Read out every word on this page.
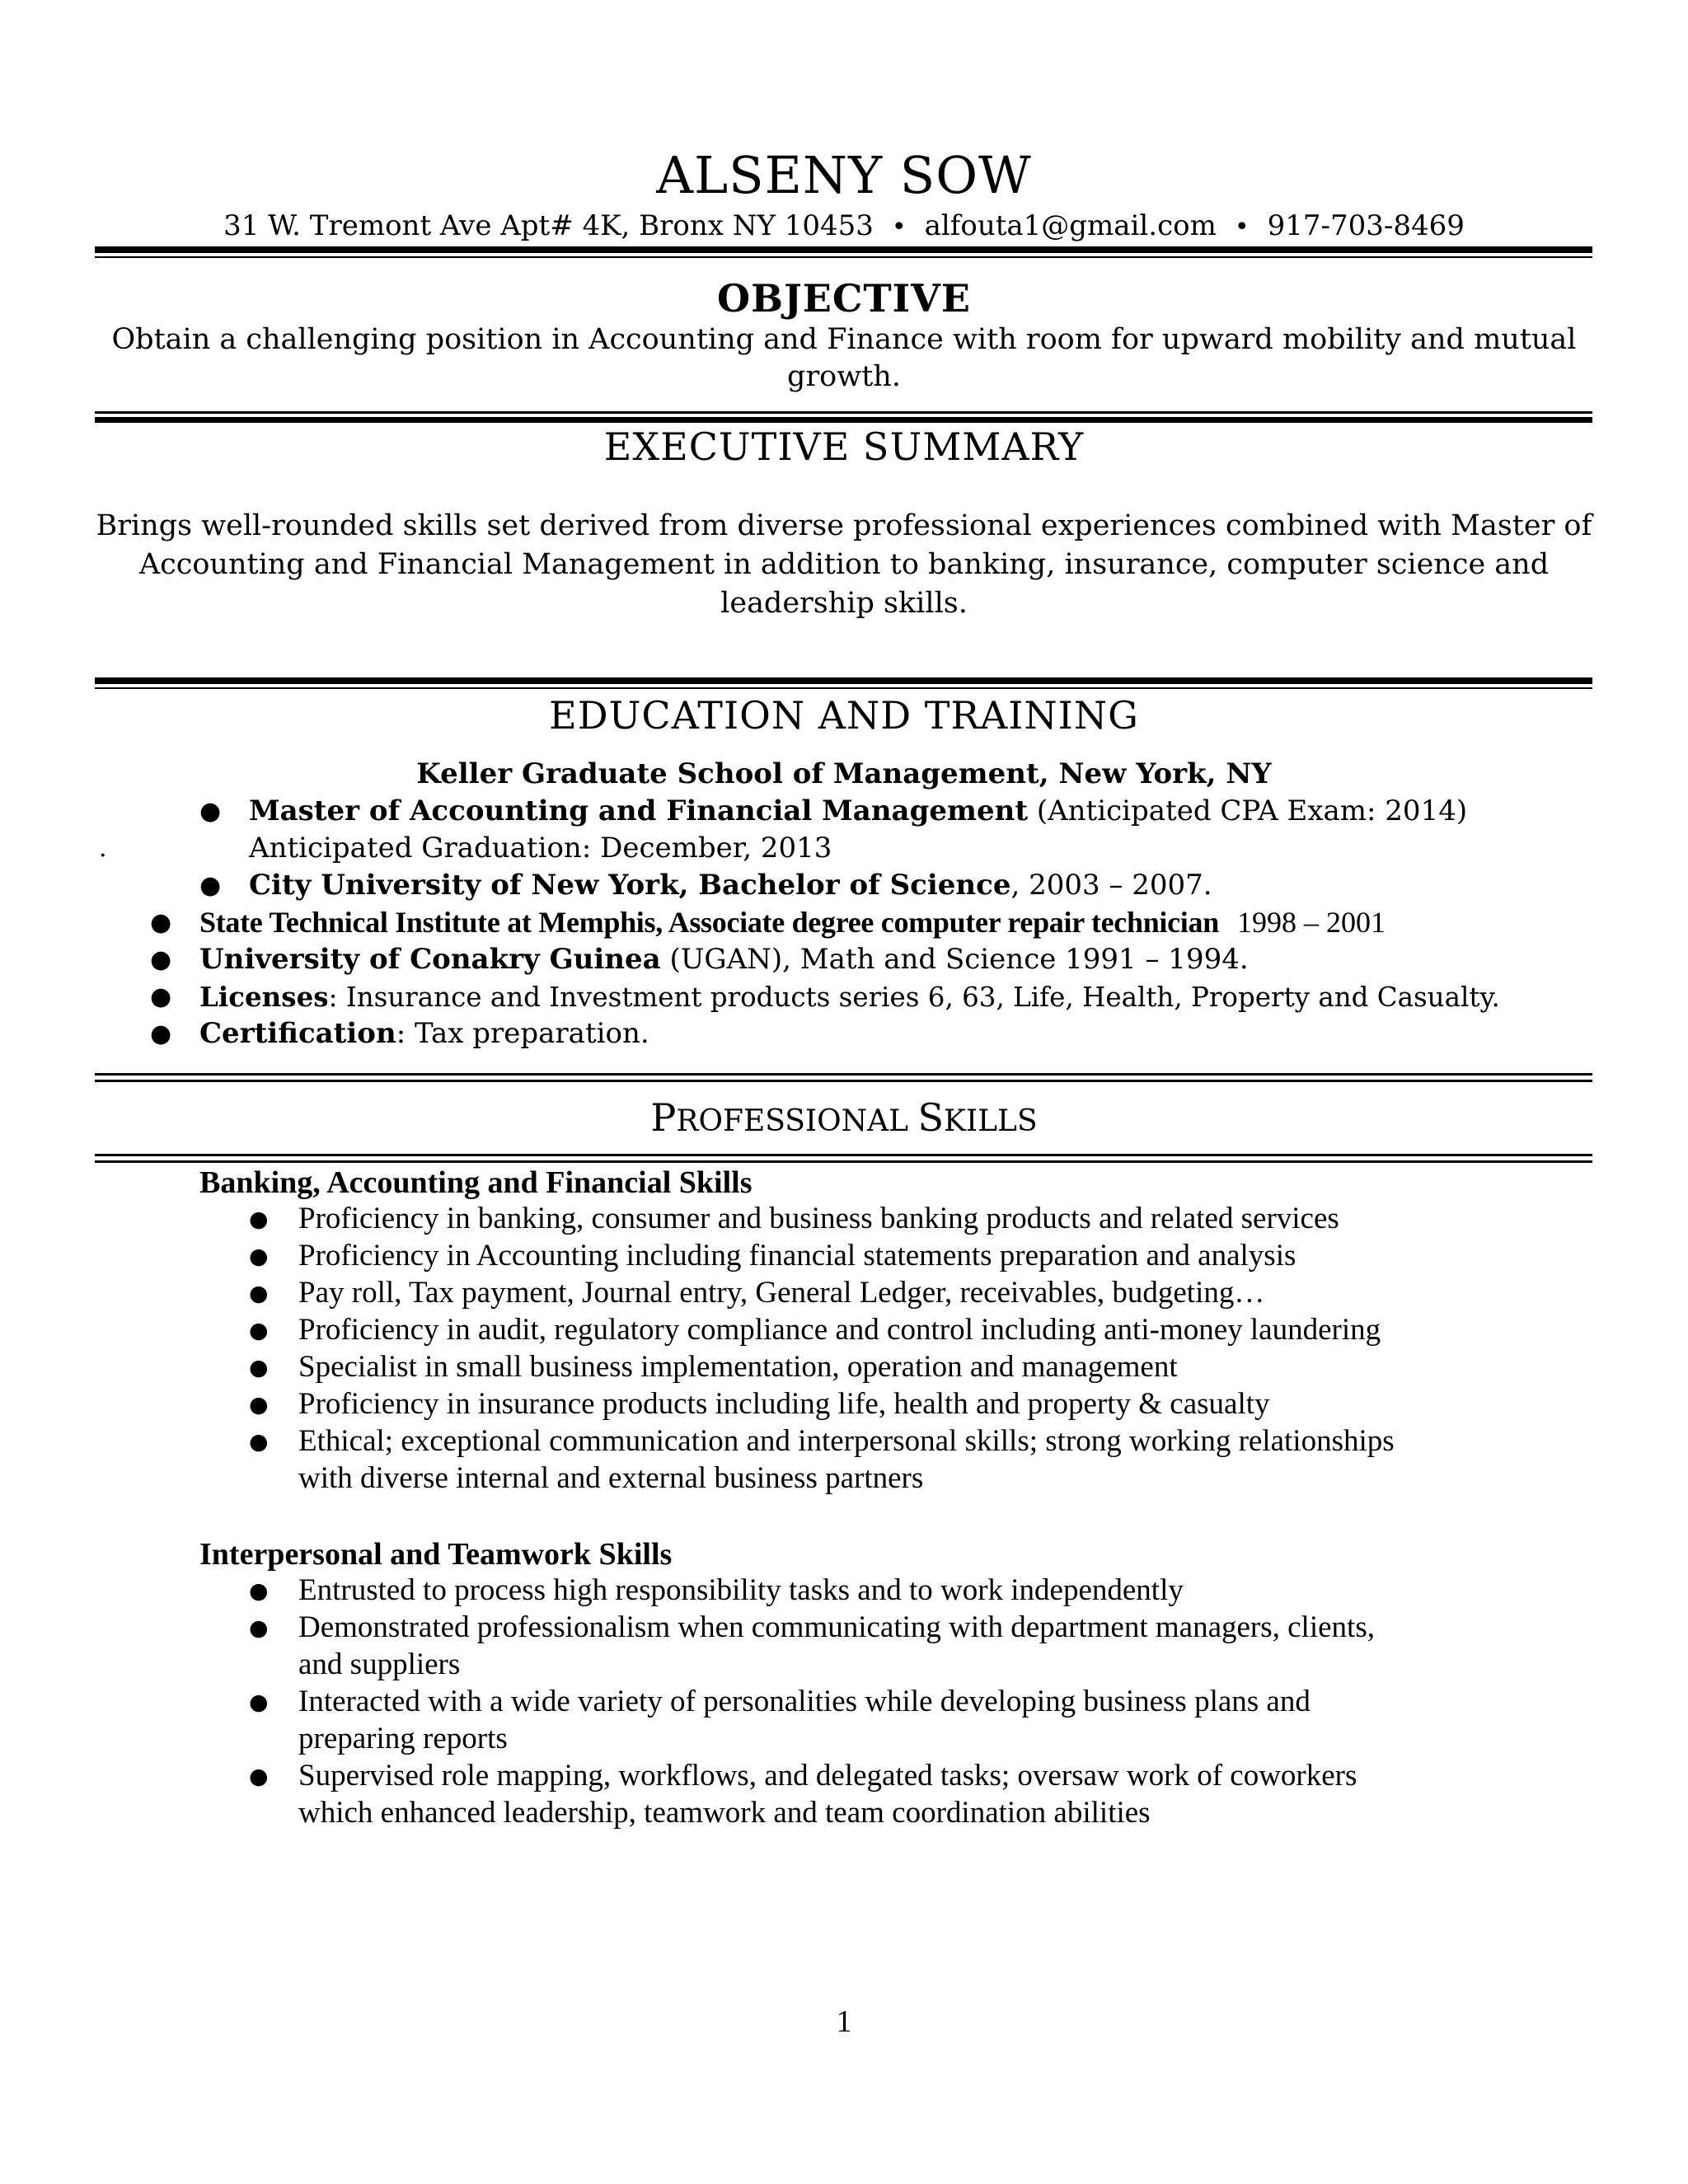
ALSENY SOW
31 W. Tremont Ave Apt# 4K, Bronx NY 10453 • alfouta1@gmail.com • 917-703-8469
OBJECTIVE
Obtain a challenging position in Accounting and Finance with room for upward mobility and mutual
growth.
EXECUTIVE SUMMARY
Brings well-rounded skills set derived from diverse professional experiences combined with Master of
Accounting and Financial Management in addition to banking, insurance, computer science and
leadership skills.
EDUCATION AND TRAINING
Keller Graduate School of Management, New York, NY
● Master of Accounting and Financial Management (Anticipated CPA Exam: 2014)
.	Anticipated Graduation: December, 2013
● City University of New York, Bachelor of Science, 2003 – 2007.
● State Technical Institute at Memphis, Associate degree computer repair technician 1998 – 2001
● University of Conakry Guinea (UGAN), Math and Science 1991 – 1994.
● Licenses: Insurance and Investment products series 6, 63, Life, Health, Property and Casualty.
● Certification: Tax preparation.
PROFESSIONAL SKILLS
Banking, Accounting and Financial Skills
● Proficiency in banking, consumer and business banking products and related services
● Proficiency in Accounting including financial statements preparation and analysis
● Pay roll, Tax payment, Journal entry, General Ledger, receivables, budgeting…
● Proficiency in audit, regulatory compliance and control including anti-money laundering
● Specialist in small business implementation, operation and management
● Proficiency in insurance products including life, health and property & casualty
● Ethical; exceptional communication and interpersonal skills; strong working relationships
with diverse internal and external business partners
Interpersonal and Teamwork Skills
● Entrusted to process high responsibility tasks and to work independently
● Demonstrated professionalism when communicating with department managers, clients,
and suppliers
● Interacted with a wide variety of personalities while developing business plans and
preparing reports
● Supervised role mapping, workflows, and delegated tasks; oversaw work of coworkers
which enhanced leadership, teamwork and team coordination abilities
1
